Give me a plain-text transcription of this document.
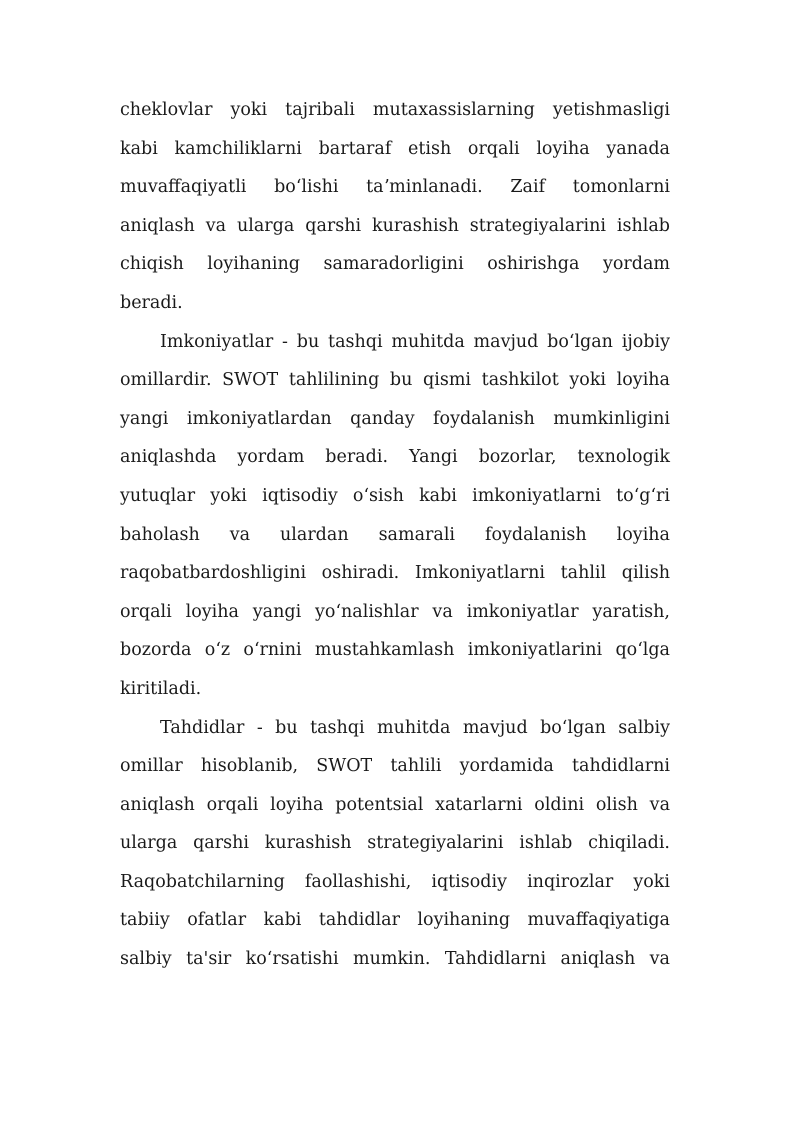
cheklovlar yoki tajribali mutaxassislarning yetishmasligi
kabi kamchiliklarni bartaraf etish orqali loyiha yanada
muvaffaqiyatli boʻlishi taʼminlanadi. Zaif tomonlarni
aniqlash va ularga qarshi kurashish strategiyalarini ishlab
chiqish loyihaning samaradorligini oshirishga yordam
beradi.
Imkoniyatlar - bu tashqi muhitda mavjud boʻlgan ijobiy
omillardir. SWOT tahlilining bu qismi tashkilot yoki loyiha
yangi imkoniyatlardan qanday foydalanish mumkinligini
aniqlashda yordam beradi. Yangi bozorlar, texnologik
yutuqlar yoki iqtisodiy oʻsish kabi imkoniyatlarni toʻgʻri
baholash va ulardan samarali foydalanish loyiha
raqobatbardoshligini oshiradi. Imkoniyatlarni tahlil qilish
orqali loyiha yangi yoʻnalishlar va imkoniyatlar yaratish,
bozorda oʻz oʻrnini mustahkamlash imkoniyatlarini qoʻlga
kiritiladi.
Tahdidlar - bu tashqi muhitda mavjud boʻlgan salbiy
omillar hisoblanib, SWOT tahlili yordamida tahdidlarni
aniqlash orqali loyiha potentsial xatarlarni oldini olish va
ularga qarshi kurashish strategiyalarini ishlab chiqiladi.
Raqobatchilarning faollashishi, iqtisodiy inqirozlar yoki
tabiiy ofatlar kabi tahdidlar loyihaning muvaffaqiyatiga
salbiy ta'sir koʻrsatishi mumkin. Tahdidlarni aniqlash va
